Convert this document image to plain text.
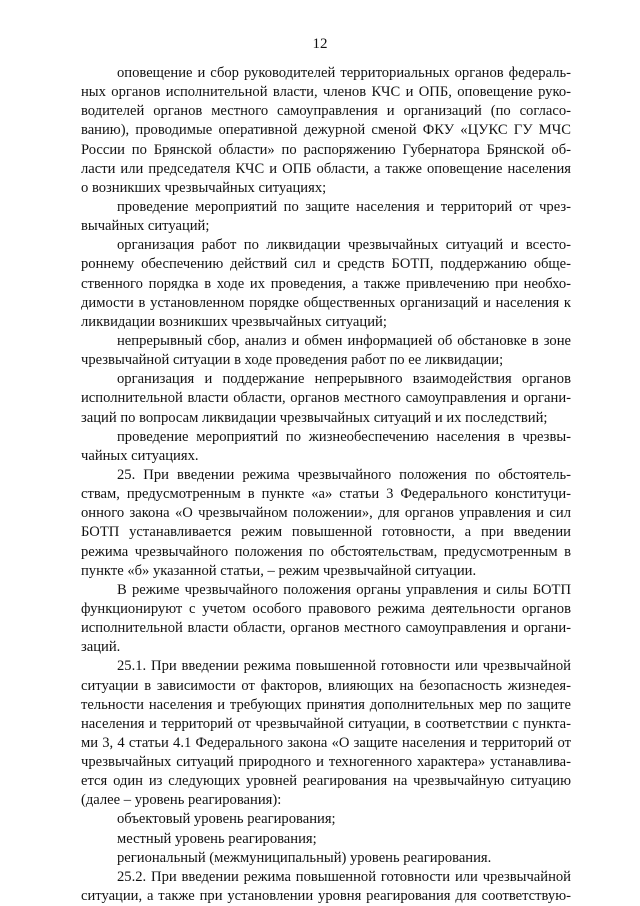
12
оповещение и сбор руководителей территориальных органов федераль-
ных органов исполнительной власти, членов КЧС и ОПБ, оповещение руко-
водителей органов местного самоуправления и организаций (по согласо-
ванию), проводимые оперативной дежурной сменой ФКУ «ЦУКС ГУ МЧС
России по Брянской области» по распоряжению Губернатора Брянской об-
ласти или председателя КЧС и ОПБ области, а также оповещение населения
о возникших чрезвычайных ситуациях;
проведение мероприятий по защите населения и территорий от чрез-
вычайных ситуаций;
организация работ по ликвидации чрезвычайных ситуаций и всесто-
роннему обеспечению действий сил и средств БОТП, поддержанию обще-
ственного порядка в ходе их проведения, а также привлечению при необхо-
димости в установленном порядке общественных организаций и населения к
ликвидации возникших чрезвычайных ситуаций;
непрерывный сбор, анализ и обмен информацией об обстановке в зоне
чрезвычайной ситуации в ходе проведения работ по ее ликвидации;
организация и поддержание непрерывного взаимодействия органов
исполнительной власти области, органов местного самоуправления и органи-
заций по вопросам ликвидации чрезвычайных ситуаций и их последствий;
проведение мероприятий по жизнеобеспечению населения в чрезвы-
чайных ситуациях.
25. При введении режима чрезвычайного положения по обстоятель-
ствам, предусмотренным в пункте «а» статьи 3 Федерального конституци-
онного закона «О чрезвычайном положении», для органов управления и сил
БОТП устанавливается режим повышенной готовности, а при введении
режима чрезвычайного положения по обстоятельствам, предусмотренным в
пункте «б» указанной статьи, – режим чрезвычайной ситуации.
В режиме чрезвычайного положения органы управления и силы БОТП
функционируют с учетом особого правового режима деятельности органов
исполнительной власти области, органов местного самоуправления и органи-
заций.
25.1. При введении режима повышенной готовности или чрезвычайной
ситуации в зависимости от факторов, влияющих на безопасность жизнедея-
тельности населения и требующих принятия дополнительных мер по защите
населения и территорий от чрезвычайной ситуации, в соответствии с пункта-
ми 3, 4 статьи 4.1 Федерального закона «О защите населения и территорий от
чрезвычайных ситуаций природного и техногенного характера» устанавлива-
ется один из следующих уровней реагирования на чрезвычайную ситуацию
(далее – уровень реагирования):
объектовый уровень реагирования;
местный уровень реагирования;
региональный (межмуниципальный) уровень реагирования.
25.2. При введении режима повышенной готовности или чрезвычайной
ситуации, а также при установлении уровня реагирования для соответствую-
